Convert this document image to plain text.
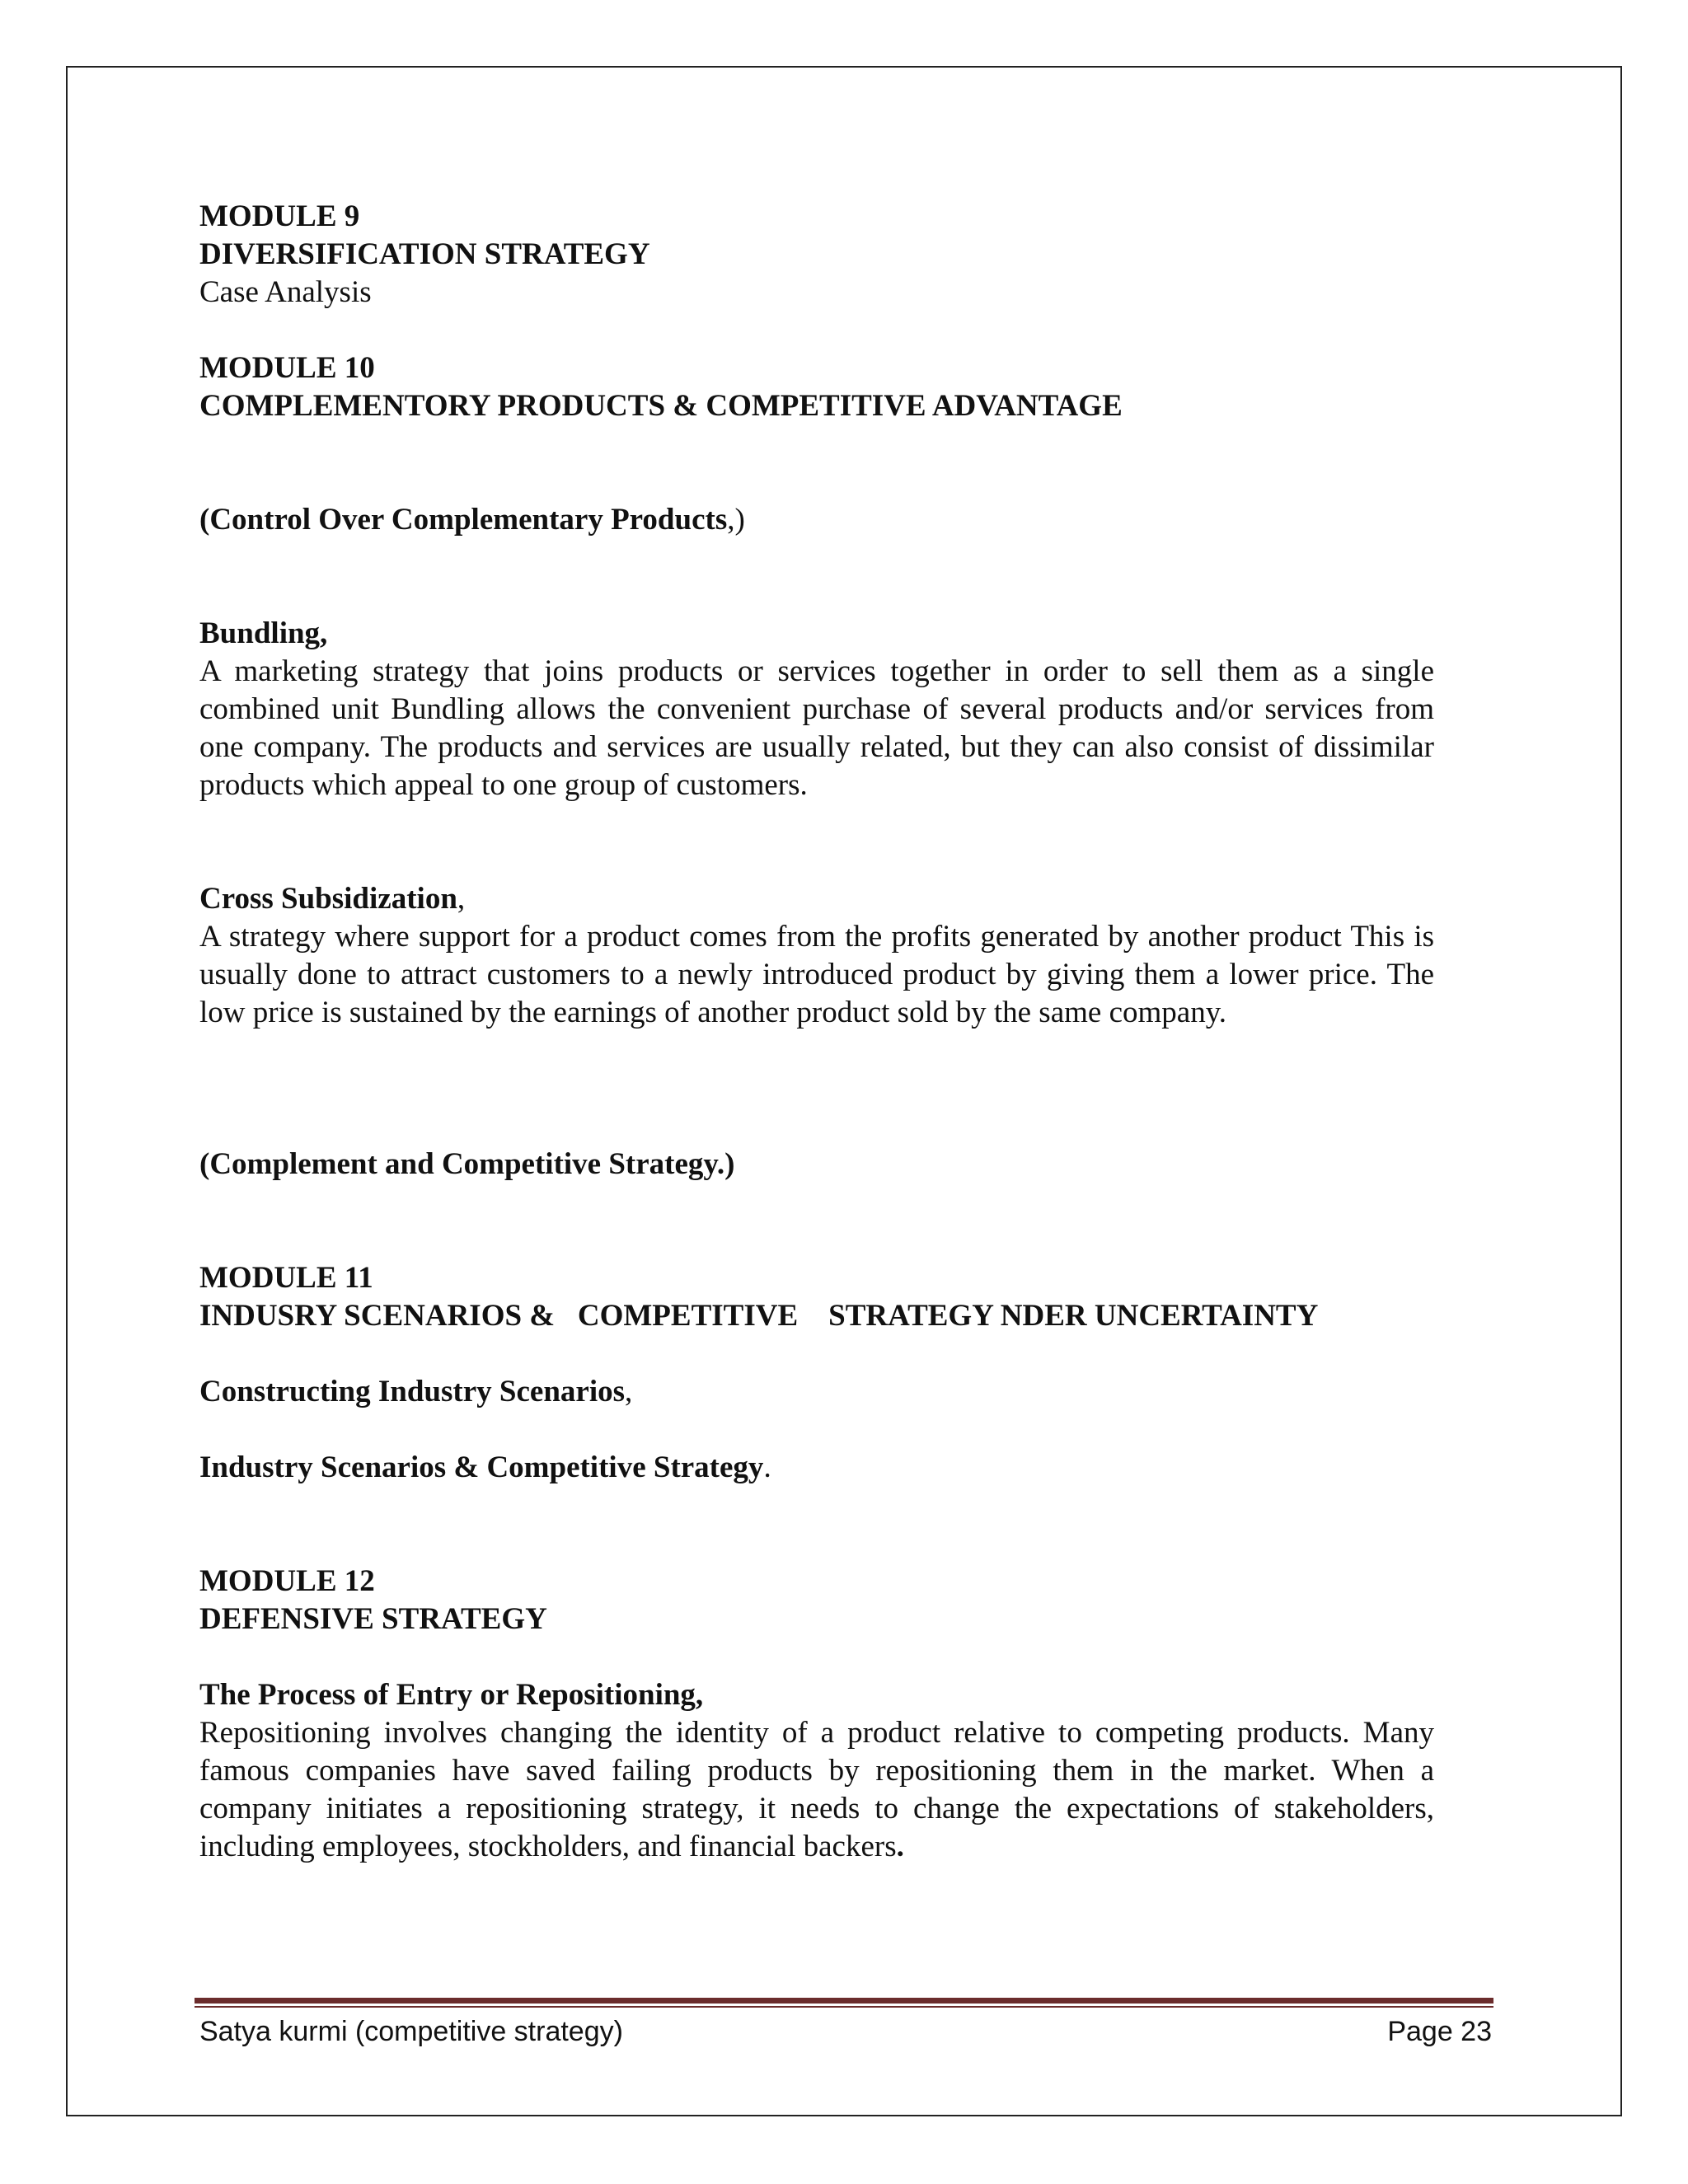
MODULE 9

DIVERSIFICATION STRATEGY

Case Analysis

MODULE 10

COMPLEMENTORY PRODUCTS & COMPETITIVE ADVANTAGE

(Control Over Complementary Products,)

Bundling,

A marketing strategy that joins products or services together in order to sell them as a single combined unit Bundling allows the convenient purchase of several products and/or services from one company. The products and services are usually related, but they can also consist of dissimilar products which appeal to one group of customers.

Cross Subsidization,

A strategy where support for a product comes from the profits generated by another product This is usually done to attract customers to a newly introduced product by giving them a lower price. The low price is sustained by the earnings of another product sold by the same company.

(Complement and Competitive Strategy.)

MODULE 11

INDUSRY SCENARIOS &   COMPETITIVE    STRATEGY NDER UNCERTAINTY

Constructing Industry Scenarios,

Industry Scenarios & Competitive Strategy.

MODULE 12

DEFENSIVE STRATEGY

The Process of Entry or Repositioning,

Repositioning involves changing the identity of a product relative to competing products. Many famous companies have saved failing products by repositioning them in the market. When a company initiates a repositioning strategy, it needs to change the expectations of stakeholders, including employees, stockholders, and financial backers.

Satya kurmi (competitive strategy)	Page 23
